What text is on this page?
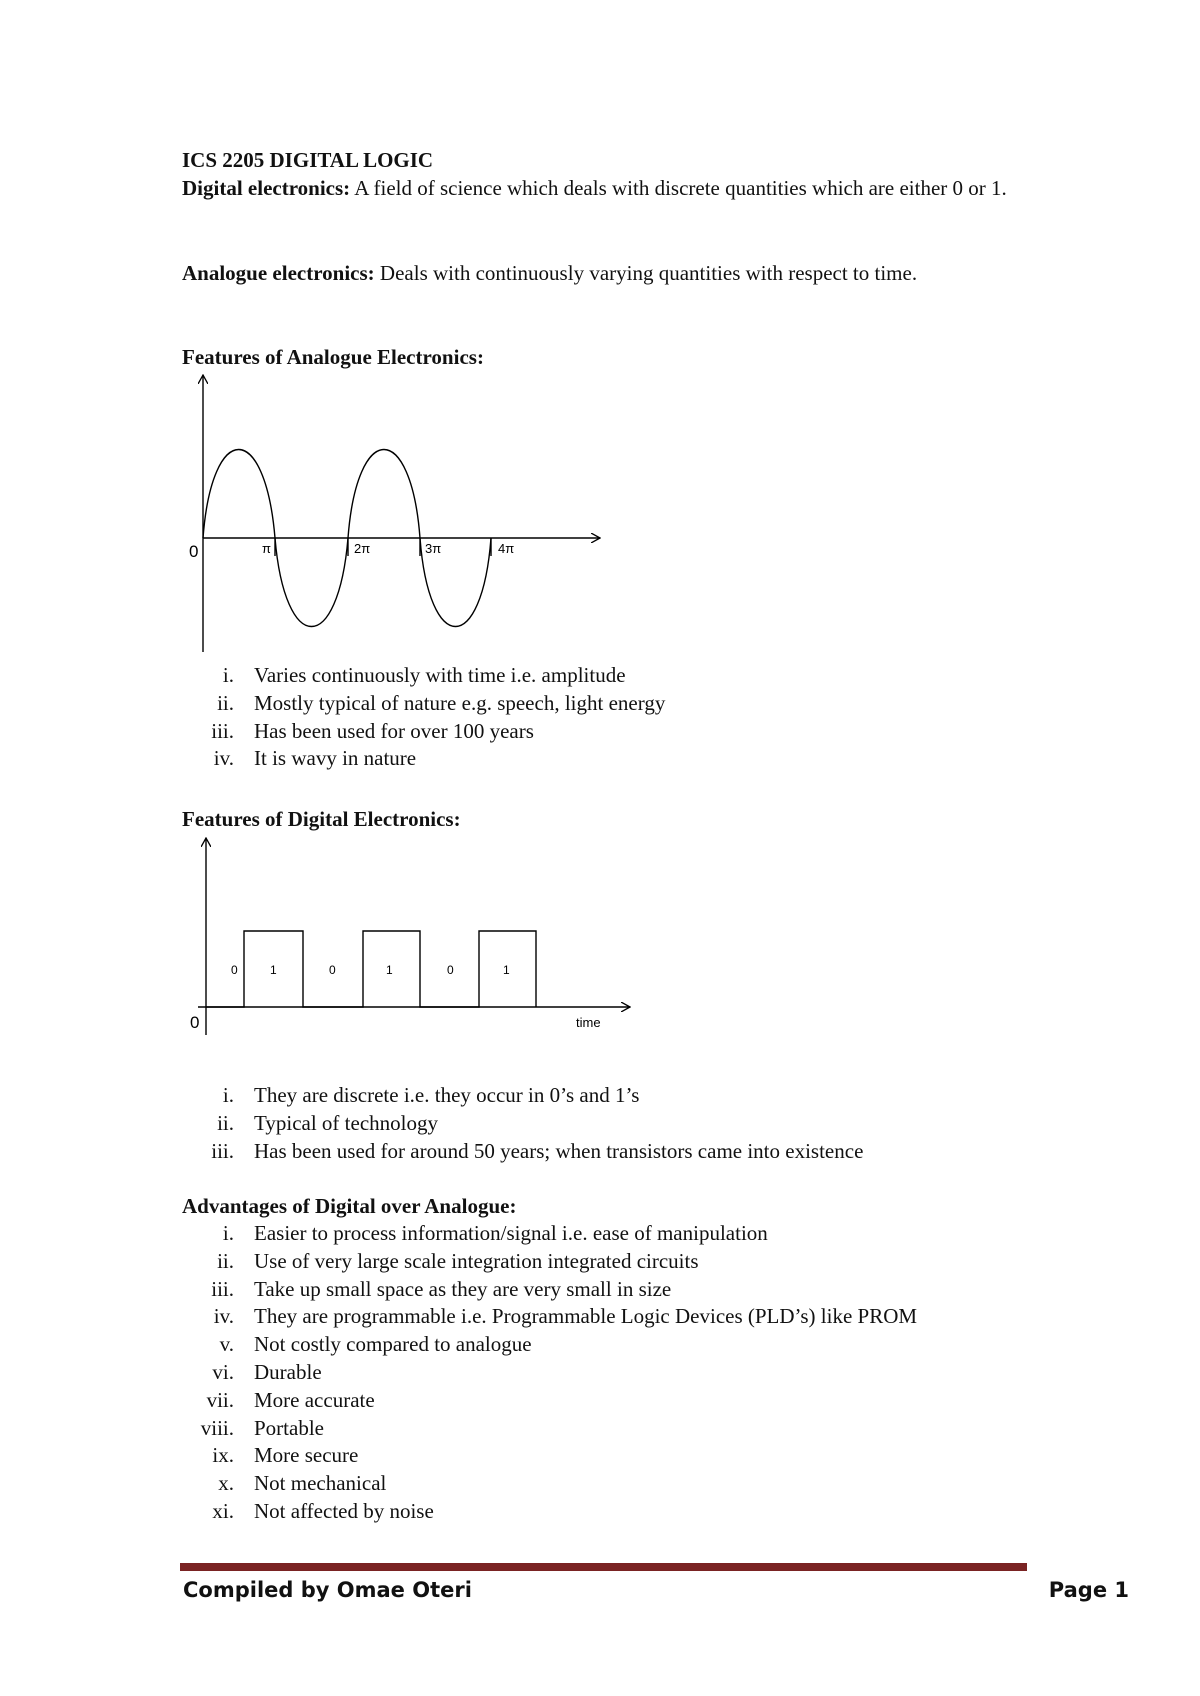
ICS 2205 DIGITAL LOGIC
Digital electronics: A field of science which deals with discrete quantities which are either 0 or 1.
Analogue electronics: Deals with continuously varying quantities with respect to time.
Features of Analogue Electronics:
0	π	2π	3π	4π
i. Varies continuously with time i.e. amplitude
ii. Mostly typical of nature e.g. speech, light energy
iii. Has been used for over 100 years
iv. It is wavy in nature
Features of Digital Electronics:
0
0	1	0	1	0	1
time
i. They are discrete i.e. they occur in 0’s and 1’s
ii. Typical of technology
iii. Has been used for around 50 years; when transistors came into existence
Advantages of Digital over Analogue:
i. Easier to process information/signal i.e. ease of manipulation
ii. Use of very large scale integration integrated circuits
iii. Take up small space as they are very small in size
iv. They are programmable i.e. Programmable Logic Devices (PLD’s) like PROM
v. Not costly compared to analogue
vi. Durable
vii. More accurate
viii. Portable
ix. More secure
x. Not mechanical
xi. Not affected by noise
Compiled by Omae Oteri	Page 1
